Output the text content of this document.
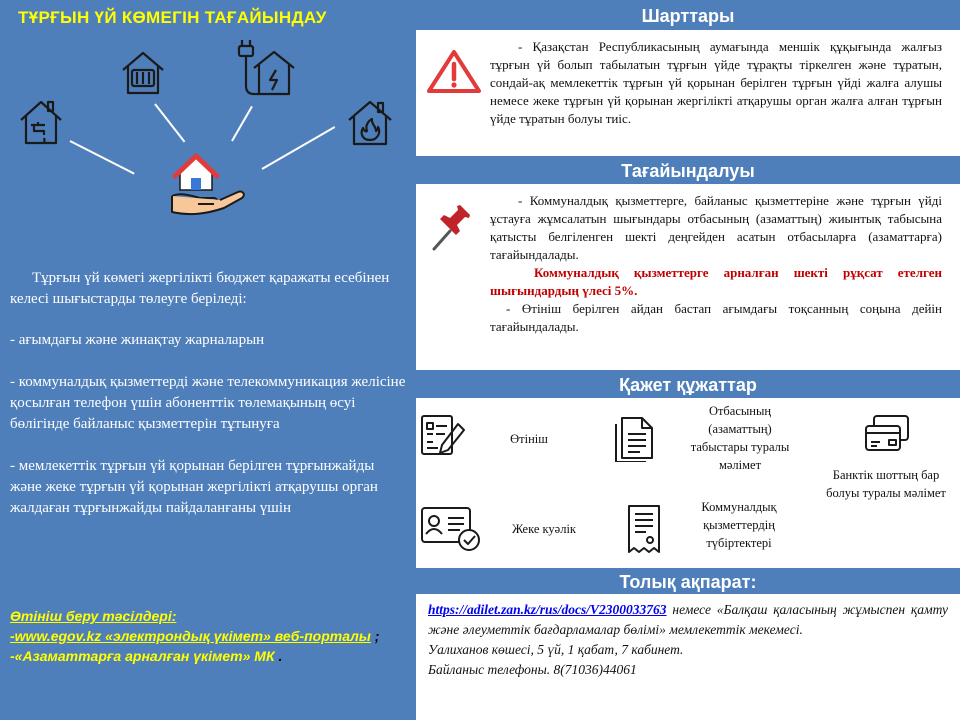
ТҰРҒЫН ҮЙ КӨМЕГІН ТАҒАЙЫНДАУ

Тұрғын үй көмегі жергілікті бюджет қаражаты есебінен келесі шығыстарды төлеуге беріледі:

- ағымдағы және жинақтау жарналарын

- коммуналдық қызметтерді және телекоммуникация желісіне қосылған телефон үшін абоненттік төлемақының өсуі бөлігінде байланыс қызметтерін тұтынуға

- мемлекеттік тұрғын үй қорынан берілген тұрғынжайды және жеке тұрғын үй қорынан жергілікті атқарушы орган жалдаған тұрғынжайды пайдаланғаны үшін

Өтініш беру тәсілдері:
-www.egov.kz «электрондық үкімет» веб-порталы ;
-«Азаматтарға арналған үкімет» МК .
Шарттары
- Қазақстан Республикасының аумағында меншік құқығында жалғыз тұрғын үй болып табылатын тұрғын үйде тұрақты тіркелген және тұратын, сондай-ақ мемлекеттік тұрғын үй қорынан берілген тұрғын үйді жалға алушы немесе жеке тұрғын үй қорынан жергілікті атқарушы орган жалға алған тұрғын үйде тұратын болуы тиіс.
Тағайындалуы
- Коммуналдық қызметтерге, байланыс қызметтеріне және тұрғын үйді ұстауға жұмсалатын шығындары отбасының (азаматтың) жиынтық табысына қатысты белгіленген шекті деңгейден асатын отбасыларға (азаматтарға) тағайындалады.
Коммуналдық қызметтерге арналған шекті рұқсат етелген шығындардың үлесі 5%.
- Өтініш берілген айдан бастап ағымдағы тоқсанның соңына дейін тағайындалады.
Қажет құжаттар
Өтініш
Отбасының (азаматтың) табыстары туралы мәлімет
Банктік шоттың бар болуы туралы мәлімет
Жеке куәлік
Коммуналдық қызметтердің түбіртектері
Толық ақпарат:
https://adilet.zan.kz/rus/docs/V2300033763 немесе «Балқаш қаласының жұмыспен қамту және әлеуметтік бағдарламалар бөлімі» мемлекеттік мекемесі.
Уалиханов көшесі, 5 үй, 1 қабат, 7 кабинет.
Байланыс телефоны. 8(71036)44061
